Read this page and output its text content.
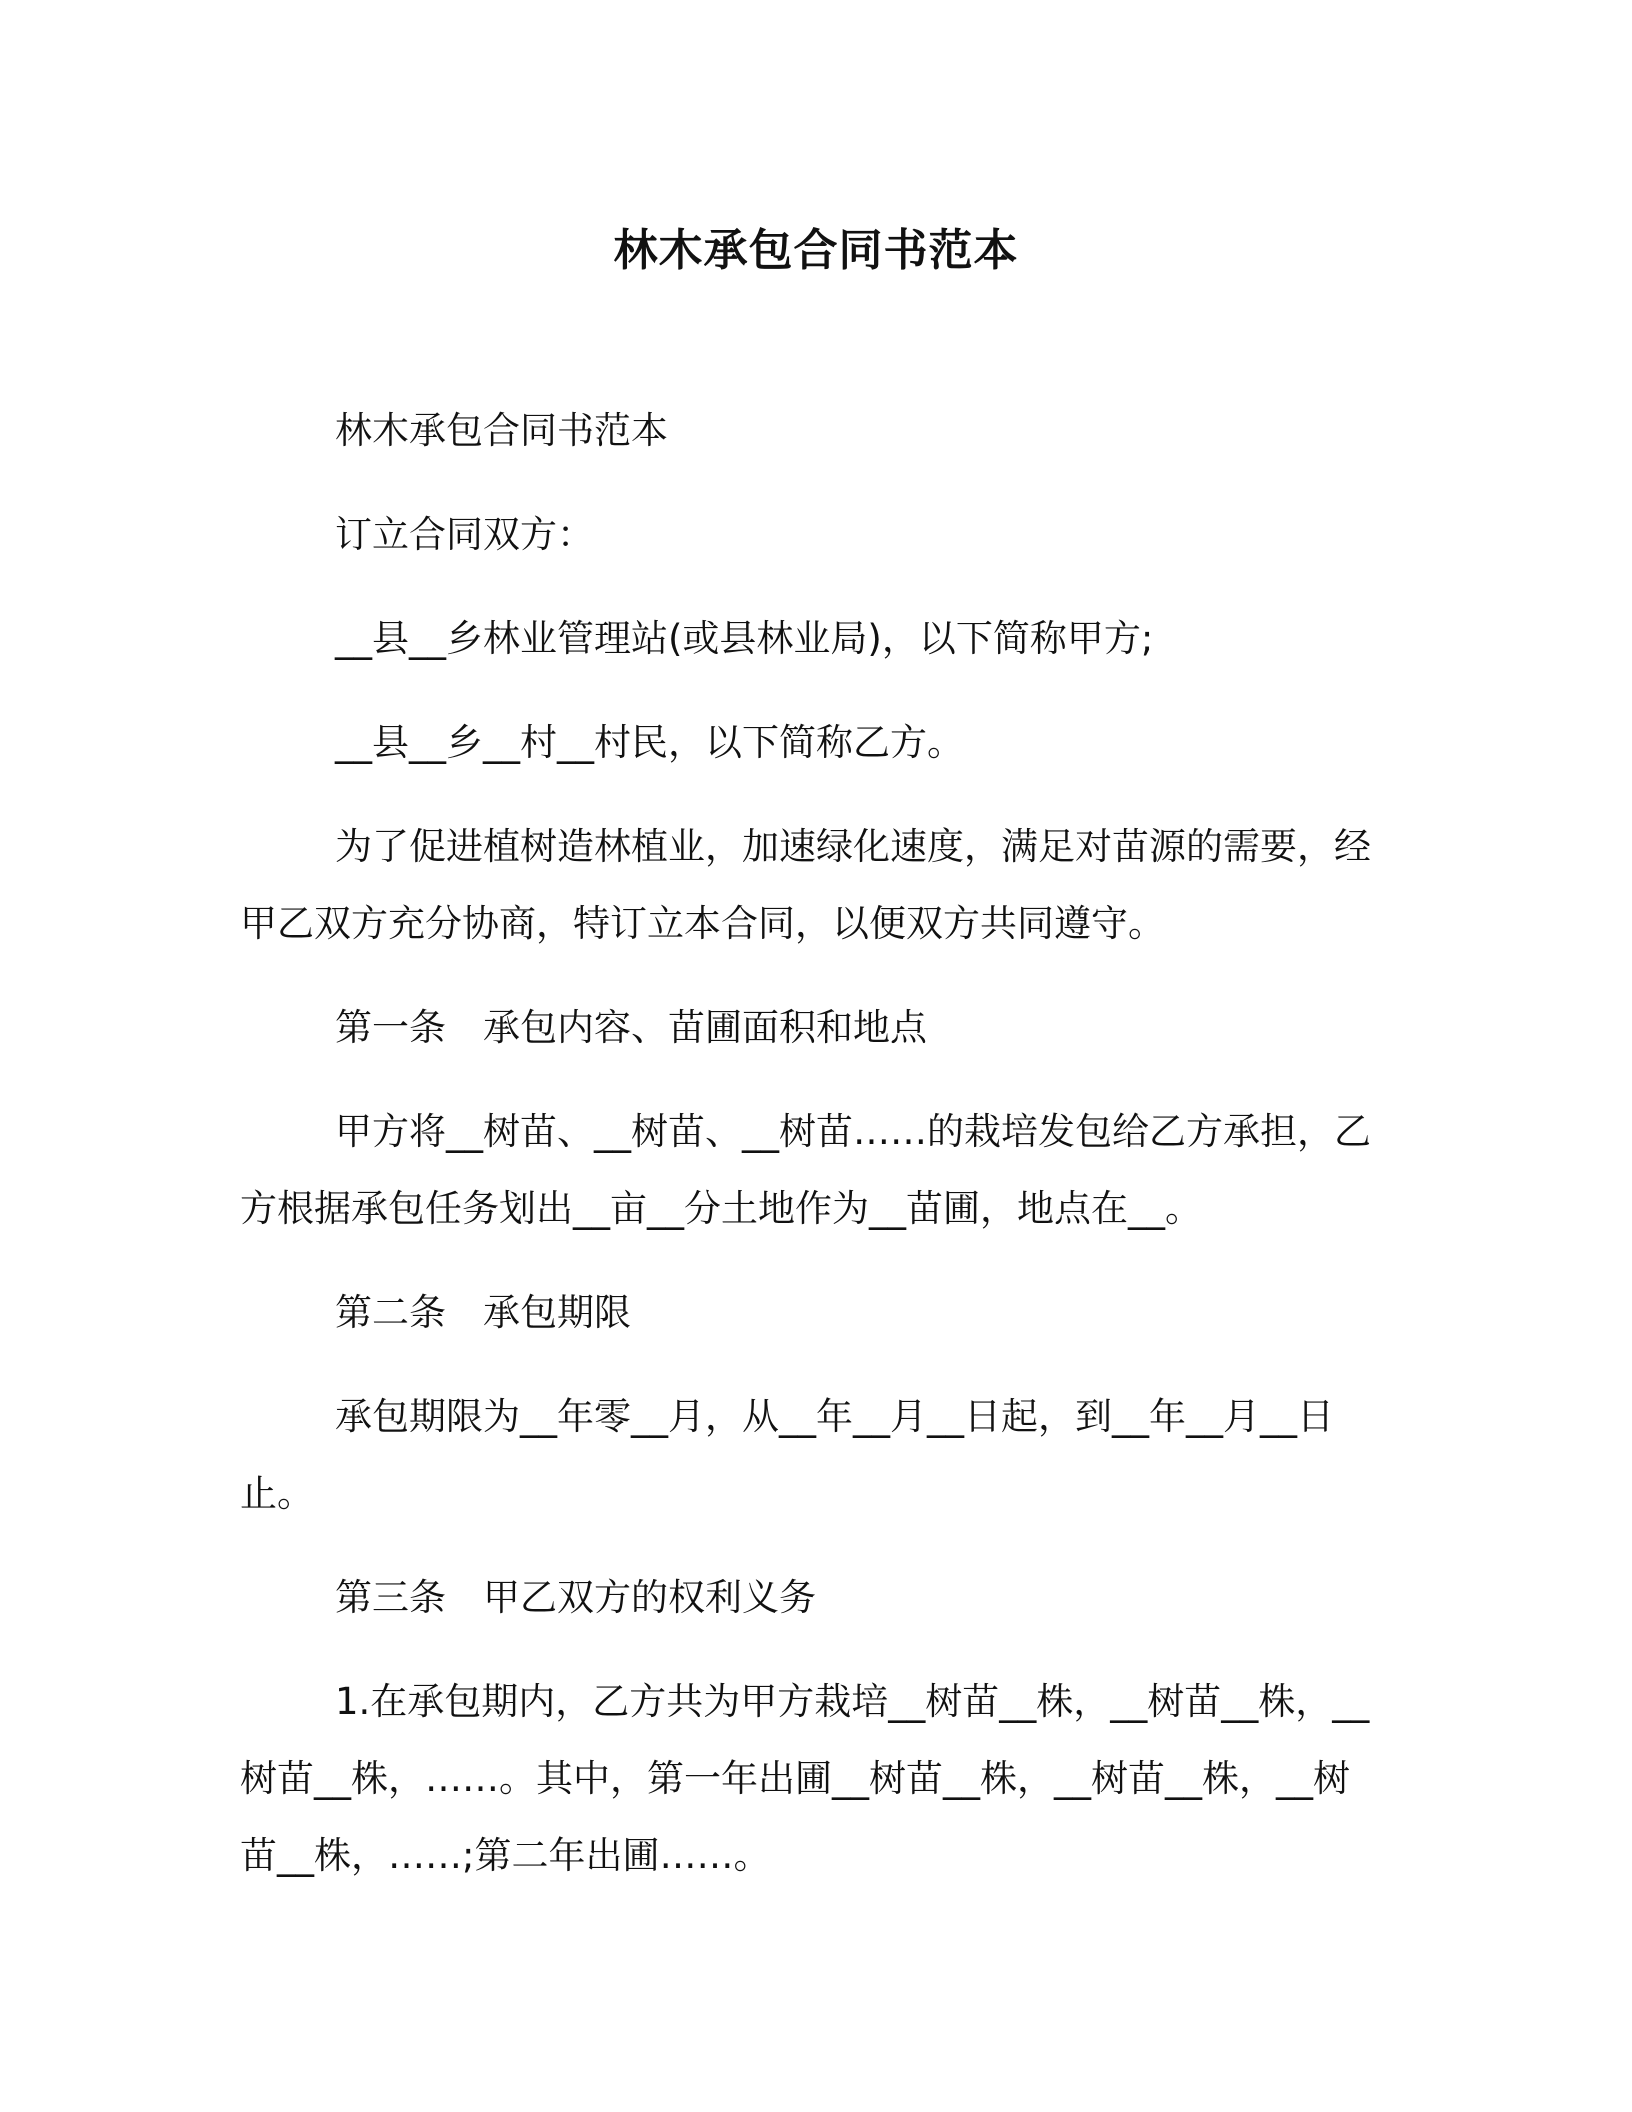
林木承包合同书范本

林木承包合同书范本

订立合同双方：

__县__乡林业管理站(或县林业局)，以下简称甲方;

__县__乡__村__村民，以下简称乙方。

为了促进植树造林植业，加速绿化速度，满足对苗源的需要，经甲乙双方充分协商，特订立本合同，以便双方共同遵守。

第一条　承包内容、苗圃面积和地点

甲方将__树苗、__树苗、__树苗……的栽培发包给乙方承担，乙方根据承包任务划出__亩__分土地作为__苗圃，地点在__。

第二条　承包期限

承包期限为__年零__月，从__年__月__日起，到__年__月__日止。

第三条　甲乙双方的权利义务

1.在承包期内，乙方共为甲方栽培__树苗__株，__树苗__株，__树苗__株，……。其中，第一年出圃__树苗__株，__树苗__株，__树苗__株，……;第二年出圃……。
